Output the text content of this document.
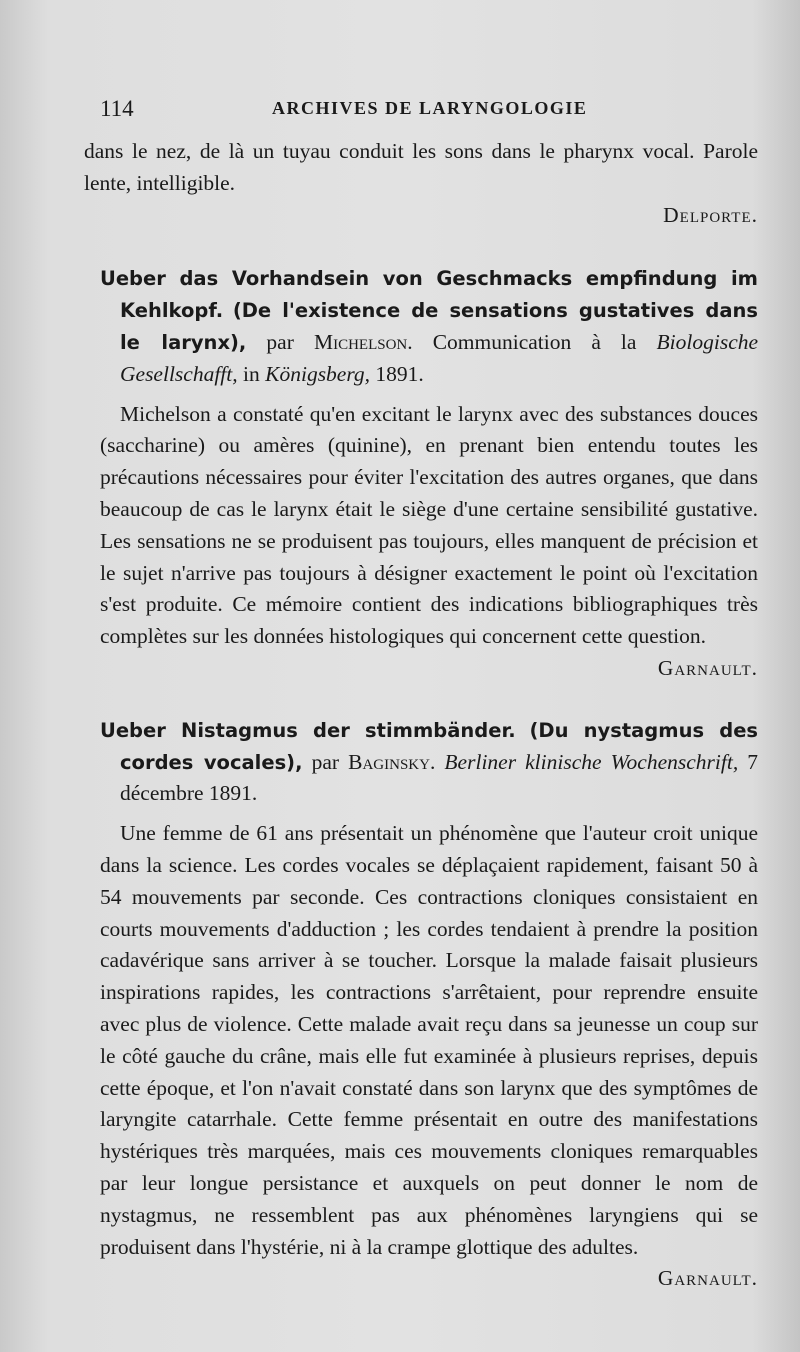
114	ARCHIVES DE LARYNGOLOGIE

dans le nez, de là un tuyau conduit les sons dans le pharynx vocal. Parole lente, intelligible.

Delporte.

Ueber das Vorhandsein von Geschmacks empfindung im Kehlkopf. (De l'existence de sensations gustatives dans le larynx), par Michelson. Communication à la Biologische Gesellschafft, in Königsberg, 1891.

Michelson a constaté qu'en excitant le larynx avec des substances douces (saccharine) ou amères (quinine), en prenant bien entendu toutes les précautions nécessaires pour éviter l'excitation des autres organes, que dans beaucoup de cas le larynx était le siège d'une certaine sensibilité gustative. Les sensations ne se produisent pas toujours, elles manquent de précision et le sujet n'arrive pas toujours à désigner exactement le point où l'excitation s'est produite. Ce mémoire contient des indications bibliographiques très complètes sur les données histologiques qui concernent cette question.

Garnault.

Ueber Nistagmus der stimmbänder. (Du nystagmus des cordes vocales), par Baginsky. Berliner klinische Wochenschrift, 7 décembre 1891.

Une femme de 61 ans présentait un phénomène que l'auteur croit unique dans la science. Les cordes vocales se déplaçaient rapidement, faisant 50 à 54 mouvements par seconde. Ces contractions cloniques consistaient en courts mouvements d'adduction ; les cordes tendaient à prendre la position cadavérique sans arriver à se toucher. Lorsque la malade faisait plusieurs inspirations rapides, les contractions s'arrêtaient, pour reprendre ensuite avec plus de violence. Cette malade avait reçu dans sa jeunesse un coup sur le côté gauche du crâne, mais elle fut examinée à plusieurs reprises, depuis cette époque, et l'on n'avait constaté dans son larynx que des symptômes de laryngite catarrhale. Cette femme présentait en outre des manifestations hystériques très marquées, mais ces mouvements cloniques remarquables par leur longue persistance et auxquels on peut donner le nom de nystagmus, ne ressemblent pas aux phénomènes laryngiens qui se produisent dans l'hystérie, ni à la crampe glottique des adultes.

Garnault.
